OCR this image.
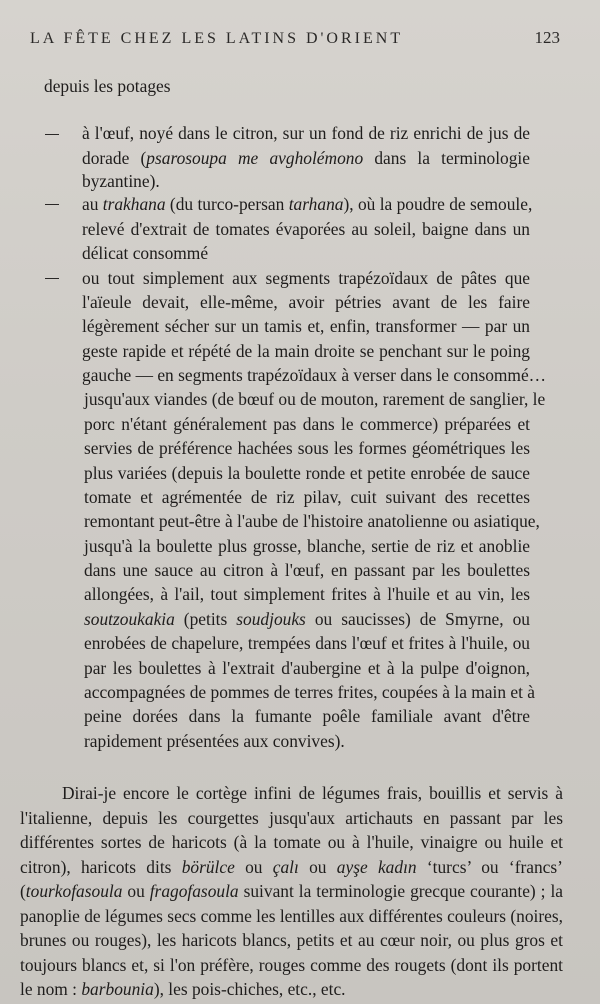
LA FÊTE CHEZ LES LATINS D'ORIENT	123
depuis les potages
à l'œuf, noyé dans le citron, sur un fond de riz enrichi de jus de
dorade (psarosoupa me avgholémono dans la terminologie
byzantine).
au trakhana (du turco-persan tarhana), où la poudre de semoule,
relevé d'extrait de tomates évaporées au soleil, baigne dans un
délicat consommé
ou tout simplement aux segments trapézoïdaux de pâtes que
l'aïeule devait, elle-même, avoir pétries avant de les faire
légèrement sécher sur un tamis et, enfin, transformer — par un
geste rapide et répété de la main droite se penchant sur le poing
gauche — en segments trapézoïdaux à verser dans le consommé…
jusqu'aux viandes (de bœuf ou de mouton, rarement de sanglier, le
porc n'étant généralement pas dans le commerce) préparées et
servies de préférence hachées sous les formes géométriques les
plus variées (depuis la boulette ronde et petite enrobée de sauce
tomate et agrémentée de riz pilav, cuit suivant des recettes
remontant peut-être à l'aube de l'histoire anatolienne ou asiatique,
jusqu'à la boulette plus grosse, blanche, sertie de riz et anoblie
dans une sauce au citron à l'œuf, en passant par les boulettes
allongées, à l'ail, tout simplement frites à l'huile et au vin, les
soutzoukakia (petits soudjouks ou saucisses) de Smyrne, ou
enrobées de chapelure, trempées dans l'œuf et frites à l'huile, ou
par les boulettes à l'extrait d'aubergine et à la pulpe d'oignon,
accompagnées de pommes de terres frites, coupées à la main et à
peine dorées dans la fumante poêle familiale avant d'être
rapidement présentées aux convives).
Dirai-je encore le cortège infini de légumes frais, bouillis et servis à
l'italienne, depuis les courgettes jusqu'aux artichauts en passant par les
différentes sortes de haricots (à la tomate ou à l'huile, vinaigre ou huile et
citron), haricots dits börülce ou çalı ou ayşe kadın ‘turcs’ ou ‘francs’
(tourkofasoula ou fragofasoula suivant la terminologie grecque courante) ; la
panoplie de légumes secs comme les lentilles aux différentes couleurs (noires,
brunes ou rouges), les haricots blancs, petits et au cœur noir, ou plus gros et
toujours blancs et, si l'on préfère, rouges comme des rougets (dont ils portent
le nom : barbounia), les pois-chiches, etc., etc.
